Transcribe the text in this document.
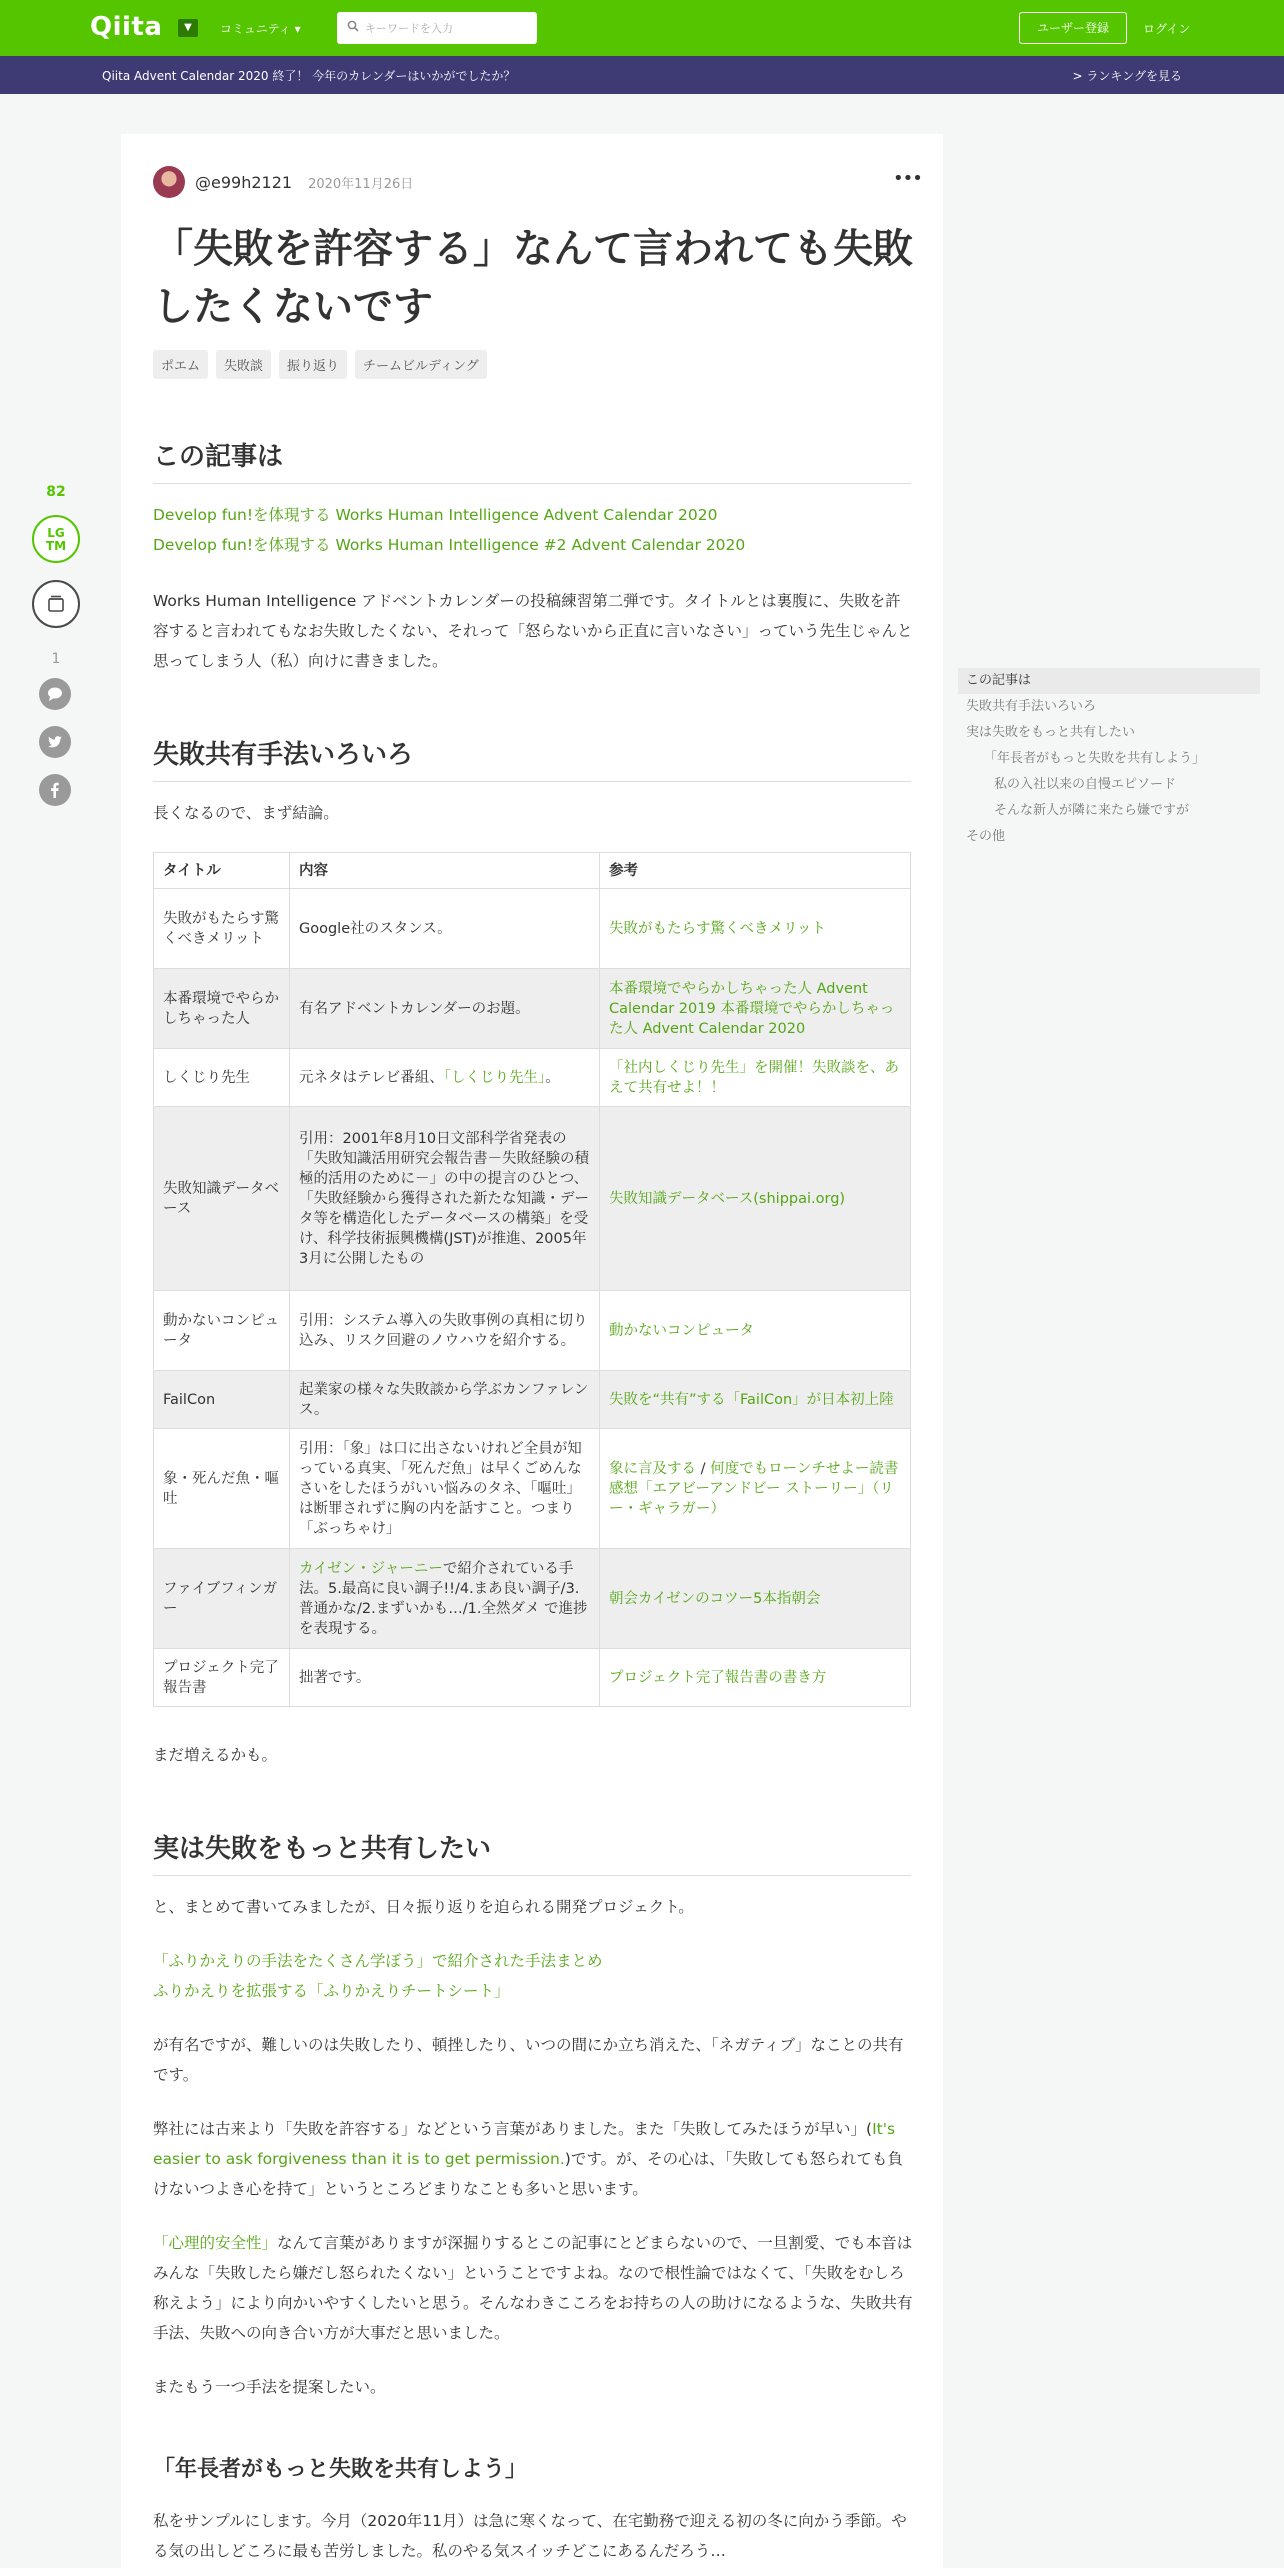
Qiita	▼	コミュニティ ▾
キーワードを入力	ユーザー登録	ログイン
Qiita Advent Calendar 2020 終了！ 今年のカレンダーはいかがでしたか？	> ランキングを見る
82
LG
TM
1
@e99h2121 2020年11月26日	•••
「失敗を許容する」なんて言われても失敗したくないです
ポエム	失敗談	振り返り	チームビルディング
この記事は
Develop fun!を体現する Works Human Intelligence Advent Calendar 2020
Develop fun!を体現する Works Human Intelligence #2 Advent Calendar 2020
Works Human Intelligence アドベントカレンダーの投稿練習第二弾です。タイトルとは裏腹に、失敗を許容すると言われてもなお失敗したくない、それって「怒らないから正直に言いなさい」っていう先生じゃんと思ってしまう人（私）向けに書きました。
失敗共有手法いろいろ
長くなるので、まず結論。
タイトル	内容	参考
失敗がもたらす驚くべきメリット	Google社のスタンス。	失敗がもたらす驚くべきメリット
本番環境でやらかしちゃった人	有名アドベントカレンダーのお題。	本番環境でやらかしちゃった人 Advent Calendar 2019 本番環境でやらかしちゃった人 Advent Calendar 2020
しくじり先生	元ネタはテレビ番組、「しくじり先生」。	「社内しくじり先生」を開催！失敗談を、あえて共有せよ！！
失敗知識データベース	引用：2001年8月10日文部科学省発表の「失敗知識活用研究会報告書－失敗経験の積極的活用のために－」の中の提言のひとつ、「失敗経験から獲得された新たな知識・データ等を構造化したデータベースの構築」を受け、科学技術振興機構(JST)が推進、2005年3月に公開したもの	失敗知識データベース(shippai.org)
動かないコンピュータ	引用：システム導入の失敗事例の真相に切り込み、リスク回避のノウハウを紹介する。	動かないコンピュータ
FailCon	起業家の様々な失敗談から学ぶカンファレンス。	失敗を“共有”する「FailCon」が日本初上陸
象・死んだ魚・嘔吐	引用：「象」は口に出さないけれど全員が知っている真実、「死んだ魚」は早くごめんなさいをしたほうがいい悩みのタネ、「嘔吐」は断罪されずに胸の内を話すこと。つまり「ぶっちゃけ」	象に言及する / 何度でもローンチせよー読書感想「エアビーアンドビー ストーリー」（リー・ギャラガー）
ファイブフィンガー	カイゼン・ジャーニーで紹介されている手法。5.最高に良い調子!!/4.まあ良い調子/3.普通かな/2.まずいかも…/1.全然ダメ で進捗を表現する。	朝会カイゼンのコツー5本指朝会
プロジェクト完了報告書	拙著です。	プロジェクト完了報告書の書き方
まだ増えるかも。
実は失敗をもっと共有したい
と、まとめて書いてみましたが、日々振り返りを迫られる開発プロジェクト。
「ふりかえりの手法をたくさん学ぼう」で紹介された手法まとめ
ふりかえりを拡張する「ふりかえりチートシート」
が有名ですが、難しいのは失敗したり、頓挫したり、いつの間にか立ち消えた、「ネガティブ」なことの共有です。
弊社には古来より「失敗を許容する」などという言葉がありました。また「失敗してみたほうが早い」(It's easier to ask forgiveness than it is to get permission.)です。が、その心は、「失敗しても怒られても負けないつよき心を持て」というところどまりなことも多いと思います。
「心理的安全性」なんて言葉がありますが深掘りするとこの記事にとどまらないので、一旦割愛、でも本音はみんな「失敗したら嫌だし怒られたくない」ということですよね。なので根性論ではなくて、「失敗をむしろ称えよう」により向かいやすくしたいと思う。そんなわきこころをお持ちの人の助けになるような、失敗共有手法、失敗への向き合い方が大事だと思いました。
またもう一つ手法を提案したい。
「年長者がもっと失敗を共有しよう」
私をサンプルにします。今月（2020年11月）は急に寒くなって、在宅勤務で迎える初の冬に向かう季節。やる気の出しどころに最も苦労しました。私のやる気スイッチどこにあるんだろう…
この記事は
失敗共有手法いろいろ
実は失敗をもっと共有したい
「年長者がもっと失敗を共有しよう」
私の入社以来の自慢エピソード
そんな新人が隣に来たら嫌ですが
その他
